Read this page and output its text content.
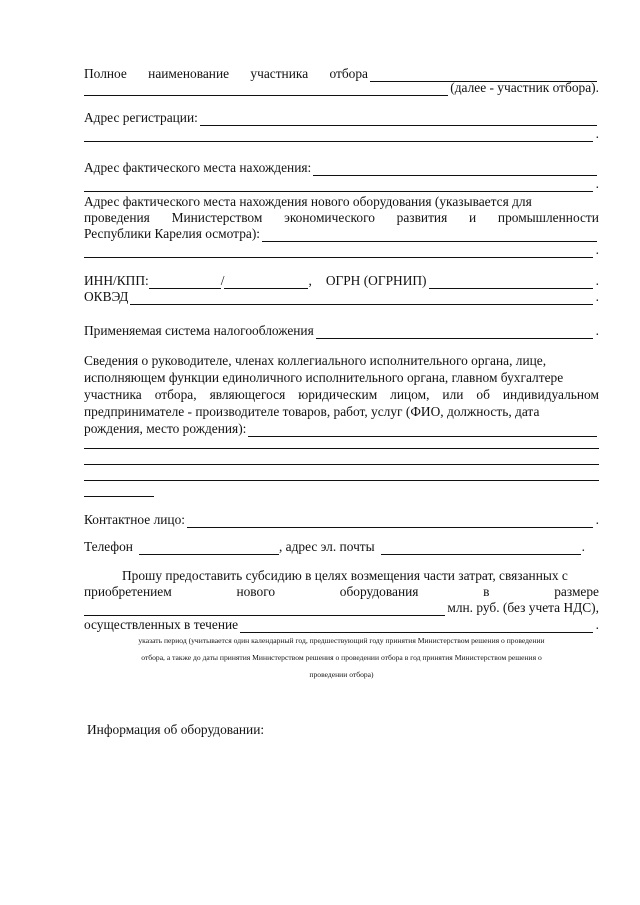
Полное наименование участника отбора
(далее - участник отбора).
Адрес регистрации:
.
Адрес фактического места нахождения:
.
Адрес фактического места нахождения нового оборудования (указывается для
проведения Министерством экономического развития и промышленности
Республики Карелия осмотра):
.
ИНН/КПП:	/	, ОГРН (ОГРНИП)	.
ОКВЭД	.
Применяемая система налогообложения	.
Сведения о руководителе, членах коллегиального исполнительного органа, лице,
исполняющем функции единоличного исполнительного органа, главном бухгалтере
участника отбора, являющегося юридическим лицом, или об индивидуальном
предпринимателе - производителе товаров, работ, услуг (ФИО, должность, дата
рождения, место рождения):
Контактное лицо:	.
Телефон	, адрес эл. почты	.
Прошу предоставить субсидию в целях возмещения части затрат, связанных с
приобретением	нового	оборудования	в	размере
млн. руб. (без учета НДС),
осуществленных в течение	.
указать период (учитывается один календарный год, предшествующий году принятия Министерством решения о проведении
отбора, а также до даты принятия Министерством решения о проведении отбора в год принятия Министерством решения о
проведении отбора)
Информация об оборудовании:
